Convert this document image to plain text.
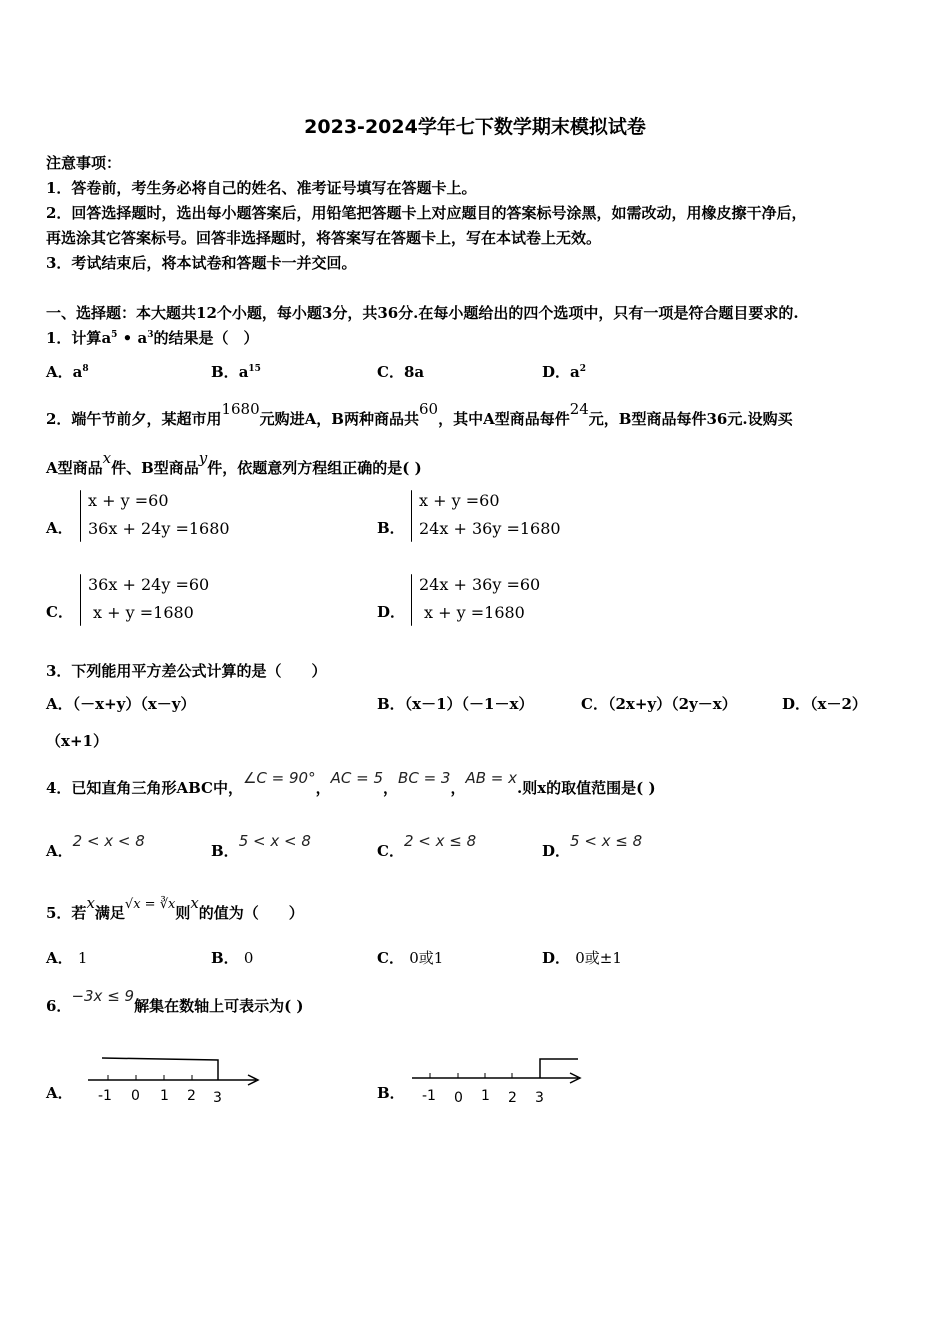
2023-2024学年七下数学期末模拟试卷
注意事项：
1．答卷前，考生务必将自己的姓名、准考证号填写在答题卡上。
2．回答选择题时，选出每小题答案后，用铅笔把答题卡上对应题目的答案标号涂黑，如需改动，用橡皮擦干净后，
再选涂其它答案标号。回答非选择题时，将答案写在答题卡上，写在本试卷上无效。
3．考试结束后，将本试卷和答题卡一并交回。
一、选择题：本大题共12个小题，每小题3分，共36分.在每小题给出的四个选项中，只有一项是符合题目要求的.
1．计算$a^5$ • $a^3$的结果是（　）
A．$a^8$	B．$a^{15}$	C．8a	D．$a^2$
2．端午节前夕，某超市用1680元购进A，B两种商品共60，其中A型商品每件24元，B型商品每件36元.设购买
A型商品x件、B型商品y件，依题意列方程组正确的是( )
A．
x + y =60
36x + 24y =1680	B．
x + y =60
24x + 36y =1680
C．
36x + 24y =60
x + y =1680	D．
24x + 36y =60
x + y =1680
3．下列能用平方差公式计算的是（　　）
A．（－x+y）（x－y）	B．（x－1）（－1－x）	C．（2x+y）（2y－x）	D．（x－2）
（x+1）
4．已知直角三角形ABC中，∠C = 90°，AC = 5，BC = 3，AB = x.则x的取值范围是( )
A．2 < x < 8
B．5 < x < 8
C．2 < x ≤ 8
D．5 < x ≤ 8
5．若x满足√x = ∛x则x的值为（　　）
A． 1	B． 0	C． 0或1	D． 0或±1
6．−3x ≤ 9解集在数轴上可表示为( )
A． -1 0 1 2 3	B． -1 0 1 2 3
